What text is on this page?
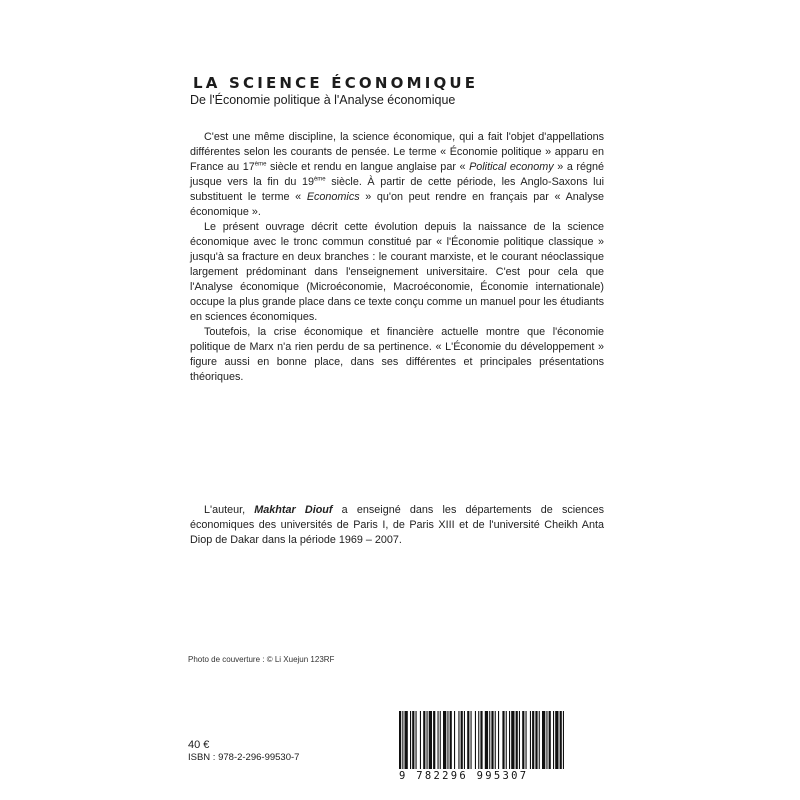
LA SCIENCE ÉCONOMIQUE
De l'Économie politique à l'Analyse économique

C'est une même discipline, la science économique, qui a fait l'objet d'appellations différentes selon les courants de pensée. Le terme « Économie politique » apparu en France au 17ème siècle et rendu en langue anglaise par « Political economy » a régné jusque vers la fin du 19ème siècle. À partir de cette période, les Anglo-Saxons lui substituent le terme « Economics » qu'on peut rendre en français par « Analyse économique ».

Le présent ouvrage décrit cette évolution depuis la naissance de la science économique avec le tronc commun constitué par « l'Économie politique classique » jusqu'à sa fracture en deux branches : le courant marxiste, et le courant néoclassique largement prédominant dans l'enseignement universitaire. C'est pour cela que l'Analyse économique (Microéconomie, Macroéconomie, Économie internationale) occupe la plus grande place dans ce texte conçu comme un manuel pour les étudiants en sciences économiques.

Toutefois, la crise économique et financière actuelle montre que l'économie politique de Marx n'a rien perdu de sa pertinence. « L'Économie du développement » figure aussi en bonne place, dans ses différentes et principales présentations théoriques.

L'auteur, Makhtar Diouf a enseigné dans les départements de sciences économiques des universités de Paris I, de Paris XIII et de l'université Cheikh Anta Diop de Dakar dans la période 1969 – 2007.

Photo de couverture : © Li Xuejun 123RF
40 €
ISBN : 978-2-296-99530-7
9 782296 995307
